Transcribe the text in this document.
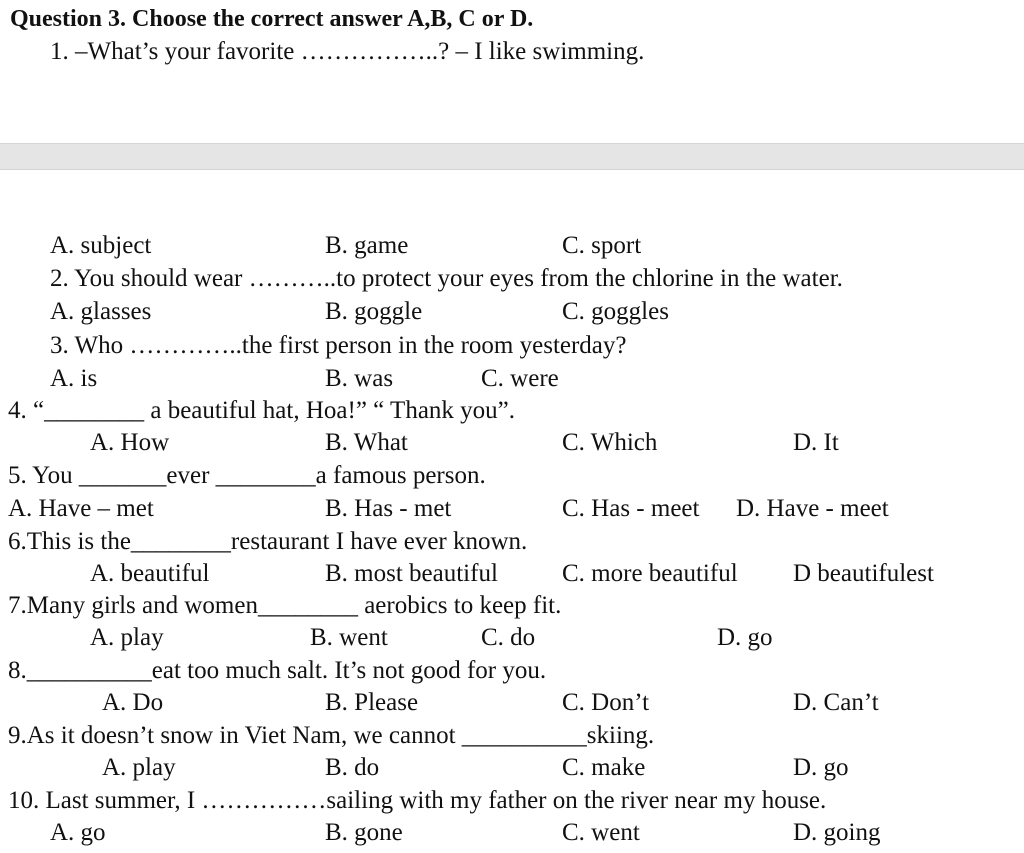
Question 3. Choose the correct answer A,B, C or D.
1. –What’s your favorite ……………..? – I like swimming.
A. subject	B. game	C. sport
2. You should wear ………..to protect your eyes from the chlorine in the water.
A. glasses	B. goggle	C. goggles
3. Who …………..the first person in the room yesterday?
A. is	B. was	C. were
4. “________ a beautiful hat, Hoa!” “ Thank you”.
A. How	B. What	C. Which	D. It
5. You _______ever ________a famous person.
A. Have – met	B. Has - met	C. Has - meet D. Have - meet
6.This is the________restaurant I have ever known.
A. beautiful	B. most beautiful	C. more beautiful D beautifulest
7.Many girls and women________ aerobics to keep fit.
A. play	B. went	C. do	D. go
8.__________eat too much salt. It’s not good for you.
A. Do	B. Please	C. Don’t	D. Can’t
9.As it doesn’t snow in Viet Nam, we cannot __________skiing.
A. play	B. do	C. make	D. go
10. Last summer, I ……………sailing with my father on the river near my house.
A. go	B. gone	C. went	D. going
